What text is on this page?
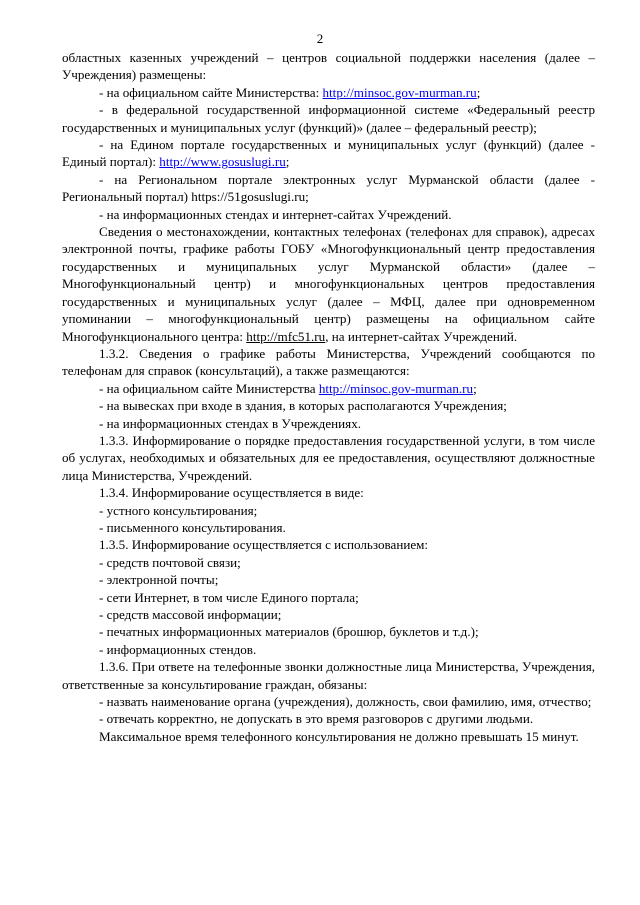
2

областных казенных учреждений – центров социальной поддержки населения (далее – Учреждения) размещены:

- на официальном сайте Министерства: http://minsoc.gov-murman.ru;

- в федеральной государственной информационной системе «Федеральный реестр государственных и муниципальных услуг (функций)» (далее – федеральный реестр);

- на Едином портале государственных и муниципальных услуг (функций) (далее - Единый портал): http://www.gosuslugi.ru;

- на Региональном портале электронных услуг Мурманской области (далее - Региональный портал) https://51gosuslugi.ru;

- на информационных стендах и интернет-сайтах Учреждений.

Сведения о местонахождении, контактных телефонах (телефонах для справок), адресах электронной почты, графике работы ГОБУ «Многофункциональный центр предоставления государственных и муниципальных услуг Мурманской области» (далее – Многофункциональный центр) и многофункциональных центров предоставления государственных и муниципальных услуг (далее – МФЦ, далее при одновременном упоминании – многофункциональный центр) размещены на официальном сайте Многофункционального центра: http://mfc51.ru, на интернет-сайтах Учреждений.

1.3.2. Сведения о графике работы Министерства, Учреждений сообщаются по телефонам для справок (консультаций), а также размещаются:

- на официальном сайте Министерства http://minsoc.gov-murman.ru;

- на вывесках при входе в здания, в которых располагаются Учреждения;

- на информационных стендах в Учреждениях.

1.3.3. Информирование о порядке предоставления государственной услуги, в том числе об услугах, необходимых и обязательных для ее предоставления, осуществляют должностные лица Министерства, Учреждений.

1.3.4. Информирование осуществляется в виде:

- устного консультирования;

- письменного консультирования.

1.3.5. Информирование осуществляется с использованием:

- средств почтовой связи;

- электронной почты;

- сети Интернет, в том числе Единого портала;

- средств массовой информации;

- печатных информационных материалов (брошюр, буклетов и т.д.);

- информационных стендов.

1.3.6. При ответе на телефонные звонки должностные лица Министерства, Учреждения, ответственные за консультирование граждан, обязаны:

- назвать наименование органа (учреждения), должность, свои фамилию, имя, отчество;

- отвечать корректно, не допускать в это время разговоров с другими людьми.

Максимальное время телефонного консультирования не должно превышать 15 минут.
